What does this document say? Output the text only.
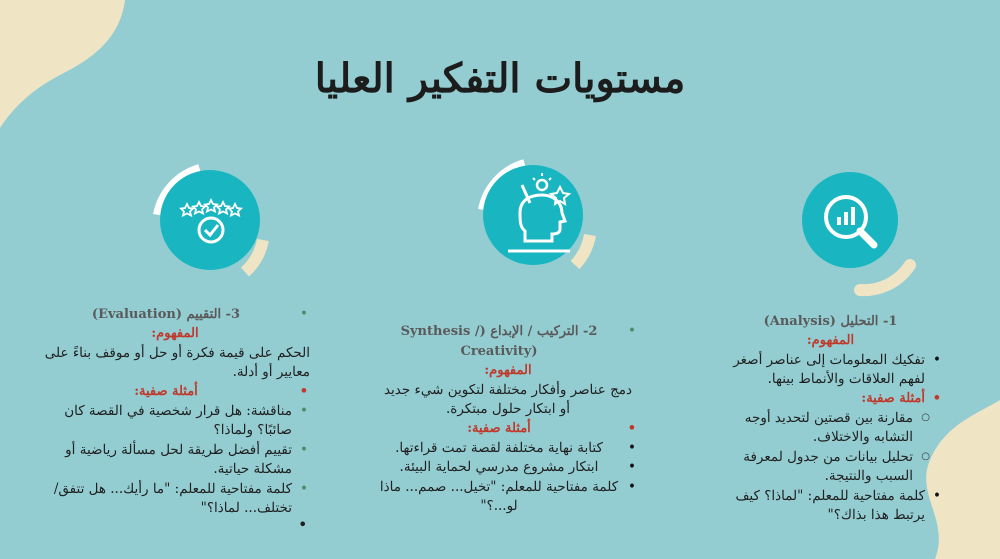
مستويات التفكير العليا
1- التحليل (Analysis)
المفهوم:
• تفكيك المعلومات إلى عناصر أصغر لفهم العلاقات والأنماط بينها.
• أمثلة صفية:
○ مقارنة بين قصتين لتحديد أوجه التشابه والاختلاف.
○ تحليل بيانات من جدول لمعرفة السبب والنتيجة.
• كلمة مفتاحية للمعلم: "لماذا؟ كيف يرتبط هذا بذاك؟"
• 2- التركيب / الإبداع (/ Synthesis
(Creativity
المفهوم:
دمج عناصر وأفكار مختلفة لتكوين شيء جديد أو ابتكار حلول مبتكرة.
• أمثلة صفية:
• كتابة نهاية مختلفة لقصة تمت قراءتها.
• ابتكار مشروع مدرسي لحماية البيئة.
• كلمة مفتاحية للمعلم: "تخيل... صمم... ماذا لو...؟"
• 3- التقييم (Evaluation)
المفهوم:
الحكم على قيمة فكرة أو حل أو موقف بناءً على معايير أو أدلة.
• أمثلة صفية:
• مناقشة: هل قرار شخصية في القصة كان صائبًا؟ ولماذا؟
• تقييم أفضل طريقة لحل مسألة رياضية أو مشكلة حياتية.
• كلمة مفتاحية للمعلم: "ما رأيك... هل تتفق/ تختلف... لماذا؟"
•
